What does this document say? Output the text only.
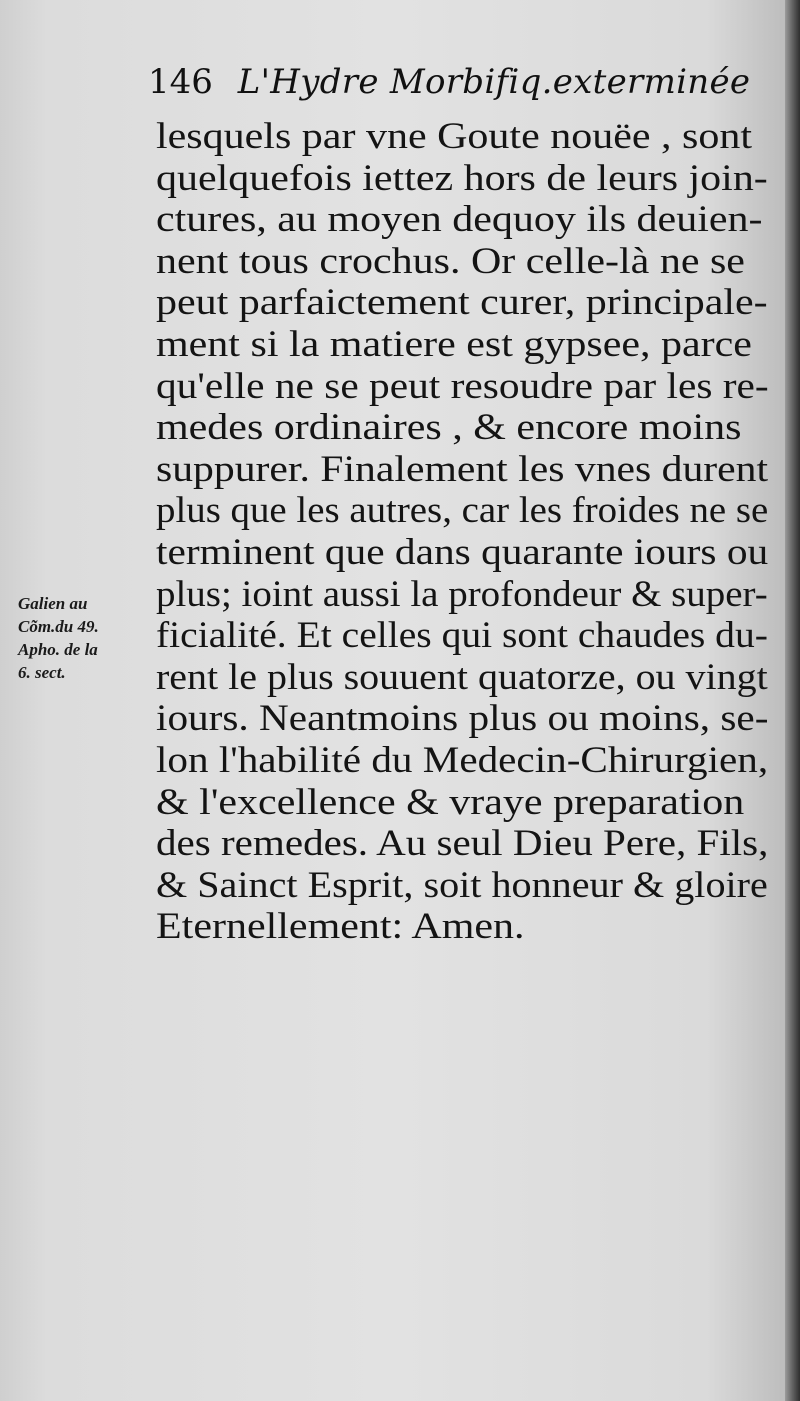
146 L'Hydre Morbifiq.exterminée
lesquels par vne Goute nouëe , sont
quelquefois iettez hors de leurs join-
ctures, au moyen dequoy ils deuien-
nent tous crochus. Or celle-là ne se
peut parfaictement curer, principale-
ment si la matiere est gypsee, parce
qu'elle ne se peut resoudre par les re-
medes ordinaires , & encore moins
suppurer. Finalement les vnes durent
plus que les autres, car les froides ne se
terminent que dans quarante iours ou
plus; ioint aussi la profondeur & super-
ficialité. Et celles qui sont chaudes du-
rent le plus souuent quatorze, ou vingt
iours. Neantmoins plus ou moins, se-
lon l'habilité du Medecin-Chirurgien,
& l'excellence & vraye preparation
des remedes. Au seul Dieu Pere, Fils,
& Sainct Esprit, soit honneur & gloire
Eternellement: Amen.
Galien au
Cõm.du 49.
Apho. de la
6. sect.
